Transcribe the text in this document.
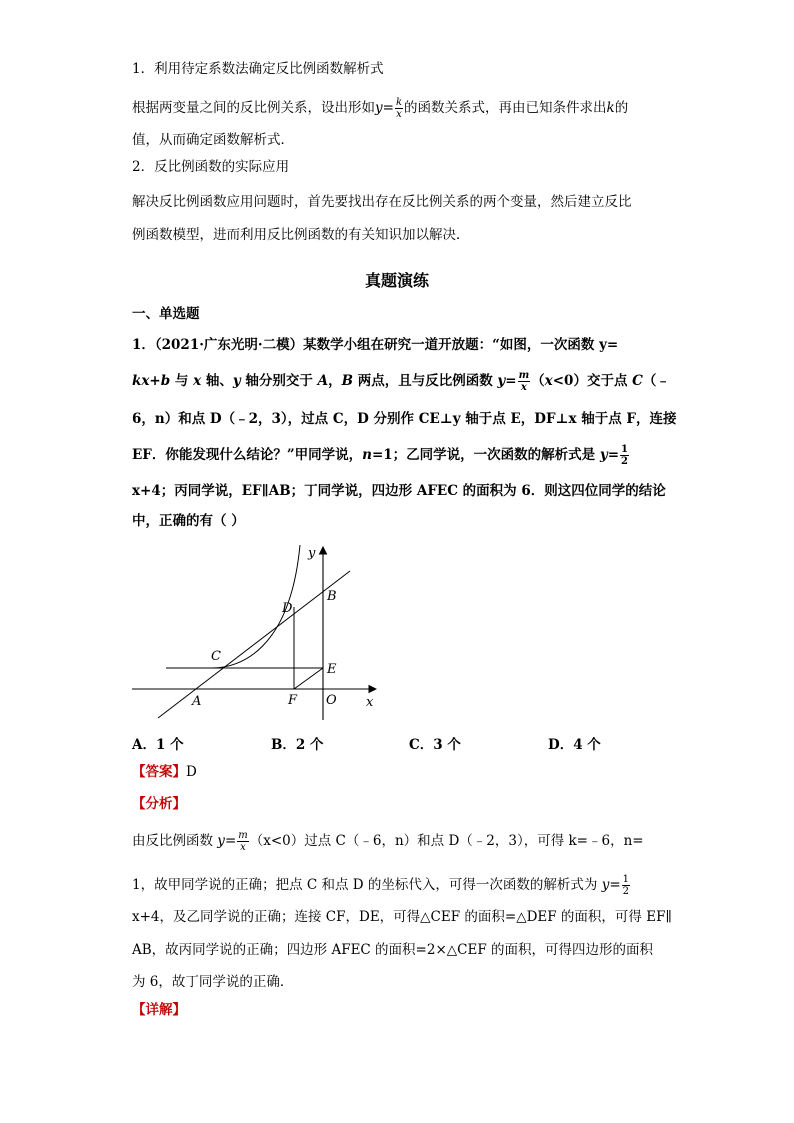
1．利用待定系数法确定反比例函数解析式
根据两变量之间的反比例关系，设出形如$y= \frac{k}{x}$ 的函数关系式，再由已知条件求出k的
值，从而确定函数解析式．
2．反比例函数的实际应用
解决反比例函数应用问题时，首先要找出存在反比例关系的两个变量，然后建立反比
例函数模型，进而利用反比例函数的有关知识加以解决．
真题演练
一、单选题
1．（2021·广东光明·二模）某数学小组在研究一道开放题：“如图，一次函数 y=
kx+b 与 x 轴、y 轴分别交于 A，B 两点，且与反比例函数 $y= \frac{m}{x} (x<0)$交于点 C（﹣
6，n）和点 D（﹣2，3），过点 C，D 分别作 CE⊥y 轴于点 E，DF⊥x 轴于点 F，连接
EF．你能发现什么结论？”甲同学说，n=1；乙同学说，一次函数的解析式是 $y= \frac{1}{2}$
x+4；丙同学说，EF∥AB；丁同学说，四边形 AFEC 的面积为 6．则这四位同学的结论
中，正确的有（ ）
y
x
B
D
C
E
A	F O
A．1 个	B．2 个	C．3 个	D．4 个
【答案】D
【分析】
由反比例函数 $y= \frac{m}{x} (x<0)$过点 C（﹣6，n）和点 D（﹣2，3），可得 k=﹣6，n=
1，故甲同学说的正确；把点 C 和点 D 的坐标代入，可得一次函数的解析式为 $y= \frac{1}{2}$
x+4，及乙同学说的正确；连接 CF，DE，可得△CEF 的面积=△DEF 的面积，可得 EF∥
AB，故丙同学说的正确；四边形 AFEC 的面积=2×△CEF 的面积，可得四边形的面积
为 6，故丁同学说的正确．
【详解】
